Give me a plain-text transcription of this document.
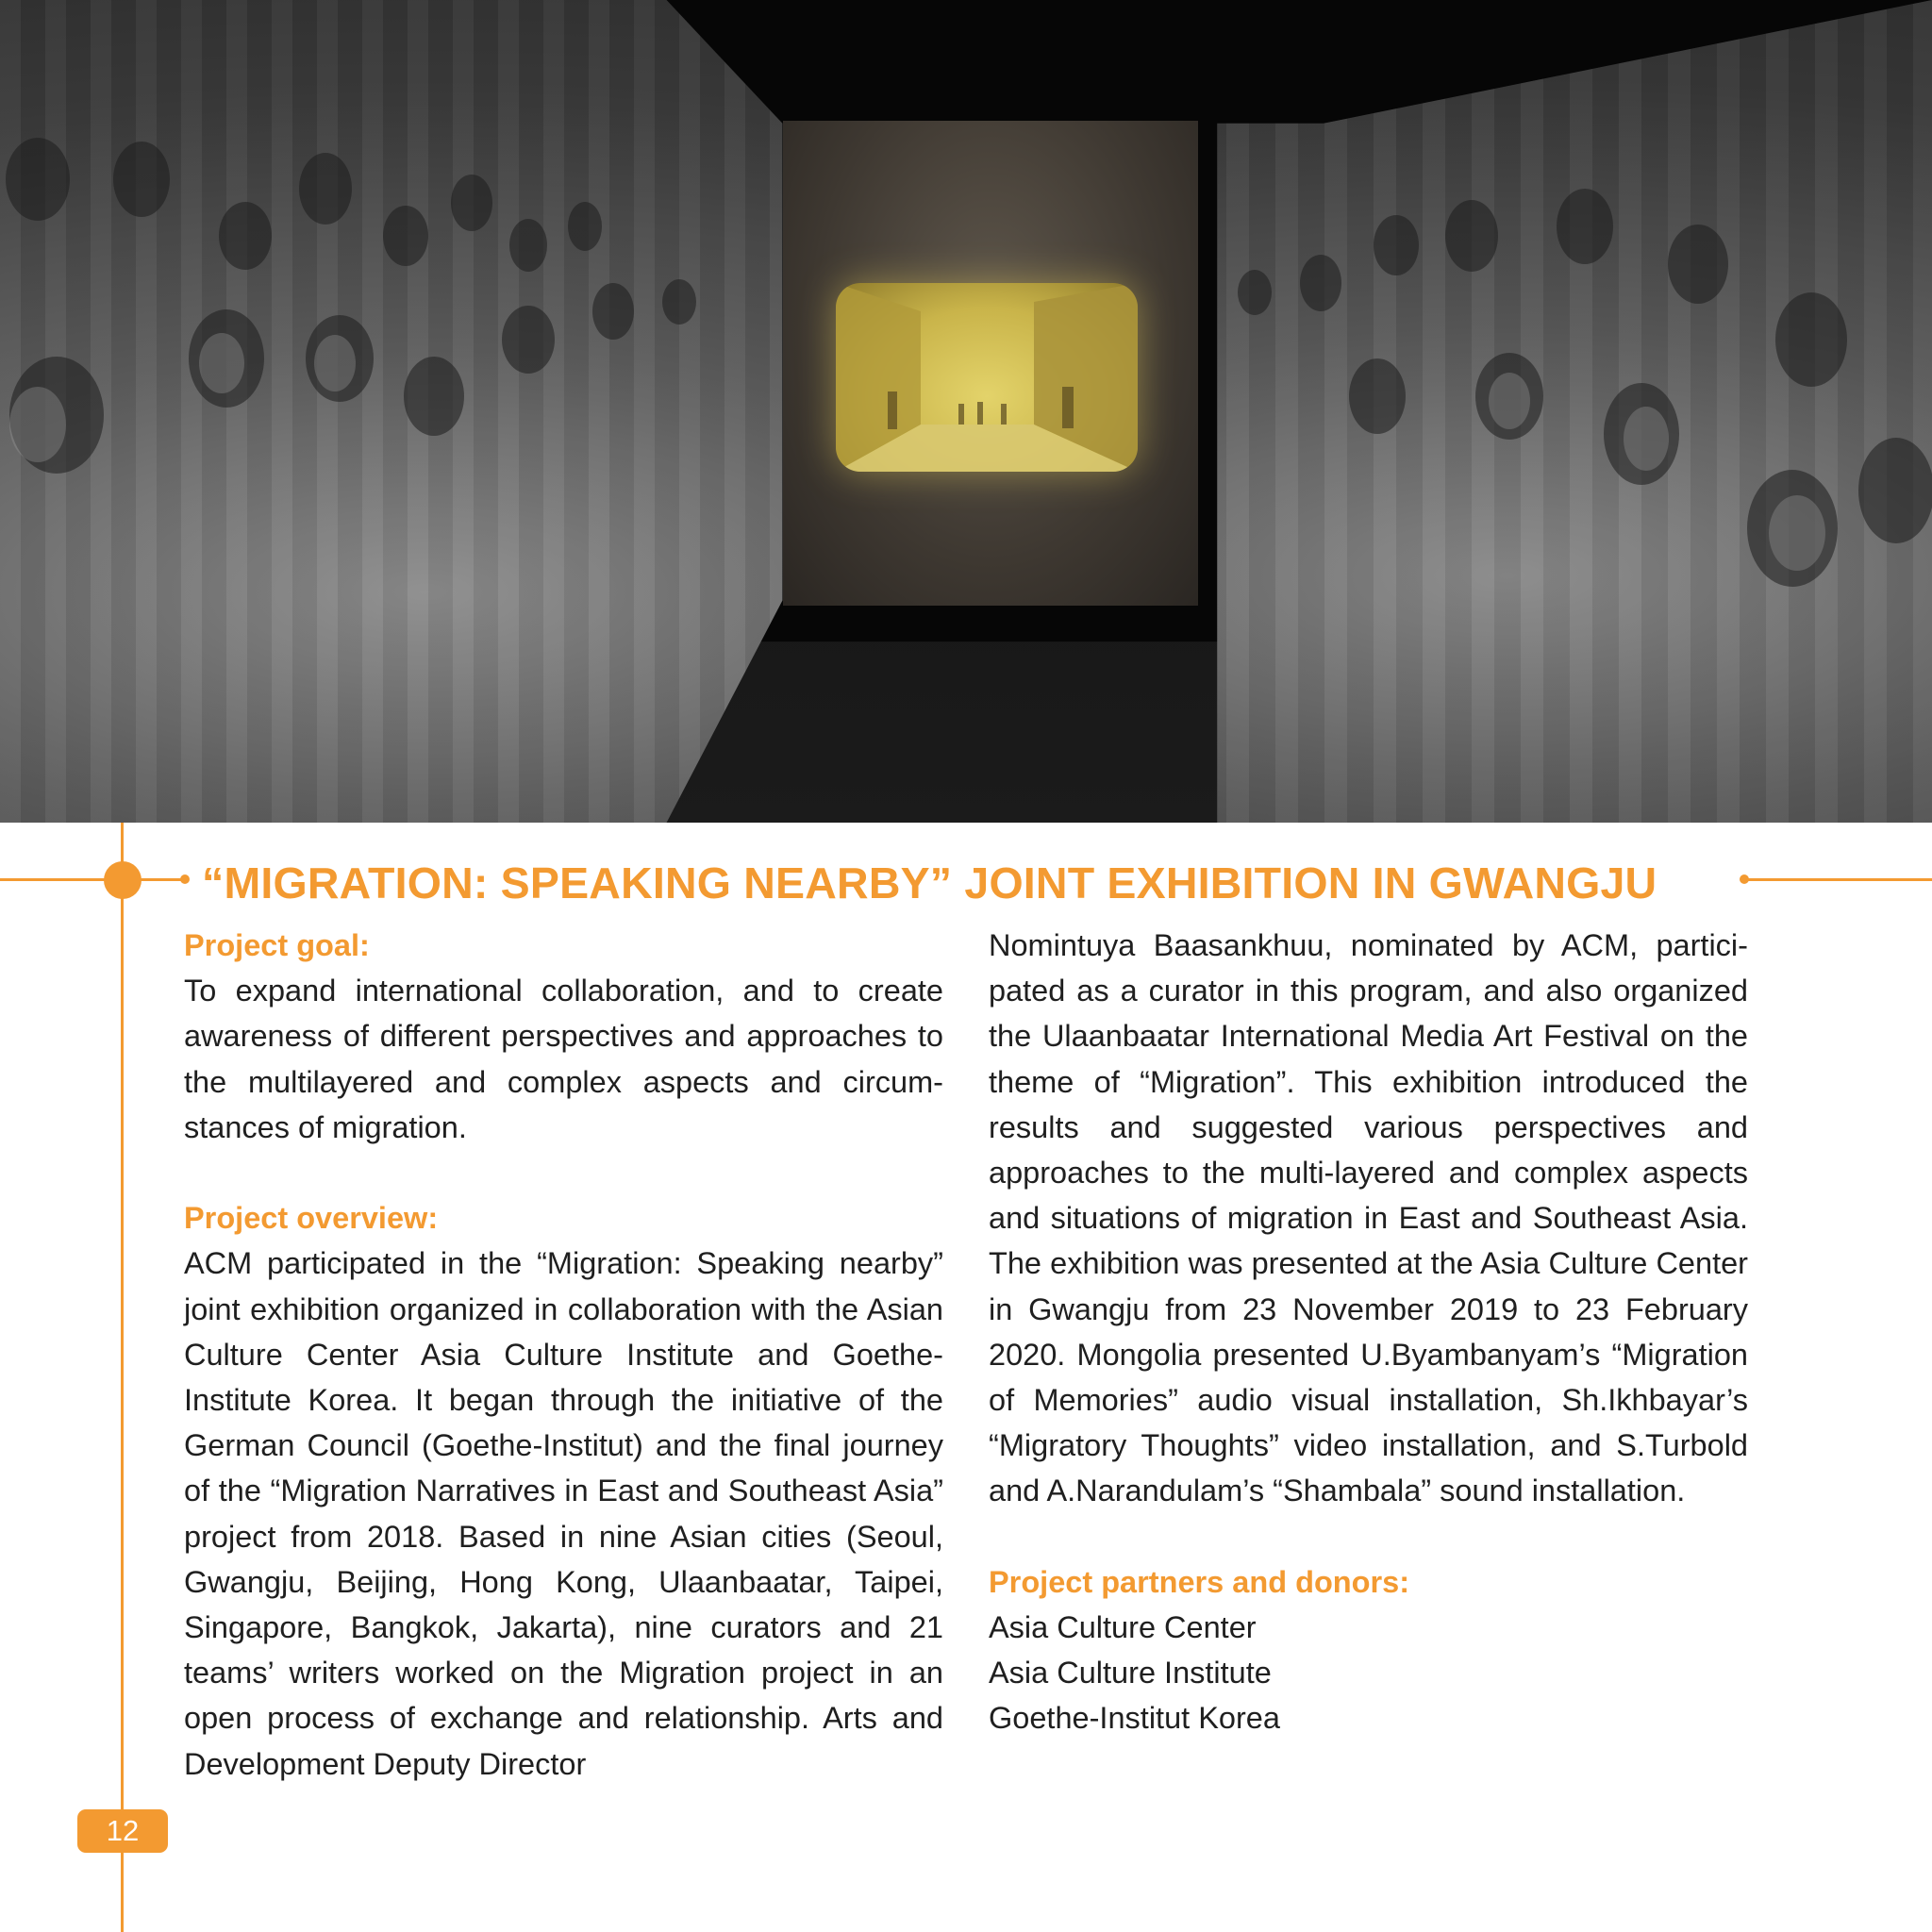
“MIGRATION: SPEAKING NEARBY” JOINT EXHIBITION IN GWANGJU
Project goal:

To expand international collaboration, and to create awareness of different perspectives and approaches to the multilayered and complex aspects and circumstances of migration.

Project overview:

ACM participated in the “Migration: Speaking nearby” joint exhibition organized in collaboration with the Asian Culture Center Asia Culture Institute and Goethe-Institute Korea. It began through the initiative of the German Council (Goethe-Institut) and the final journey of the “Migration Narratives in East and Southeast Asia” project from 2018. Based in nine Asian cities (Seoul, Gwangju, Beijing, Hong Kong, Ulaanbaatar, Taipei, Singapore, Bangkok, Jakarta), nine curators and 21 teams’ writers worked on the Migration project in an open process of exchange and relationship. Arts and Development Deputy Director

Nomintuya Baasankhuu, nominated by ACM, participated as a curator in this program, and also organized the Ulaanbaatar International Media Art Festival on the theme of “Migration”. This exhibition introduced the results and suggested various perspectives and approaches to the multi-layered and complex aspects and situations of migration in East and Southeast Asia. The exhibition was presented at the Asia Culture Center in Gwangju from 23 November 2019 to 23 February 2020. Mongolia presented U.Byambanyam’s “Migration of Memories” audio visual installation, Sh.Ikhbayar’s “Migratory Thoughts” video installation, and S.Turbold and A.Narandulam’s “Shambala” sound installation.

Project partners and donors:
Asia Culture Center
Asia Culture Institute
Goethe-Institut Korea
12
